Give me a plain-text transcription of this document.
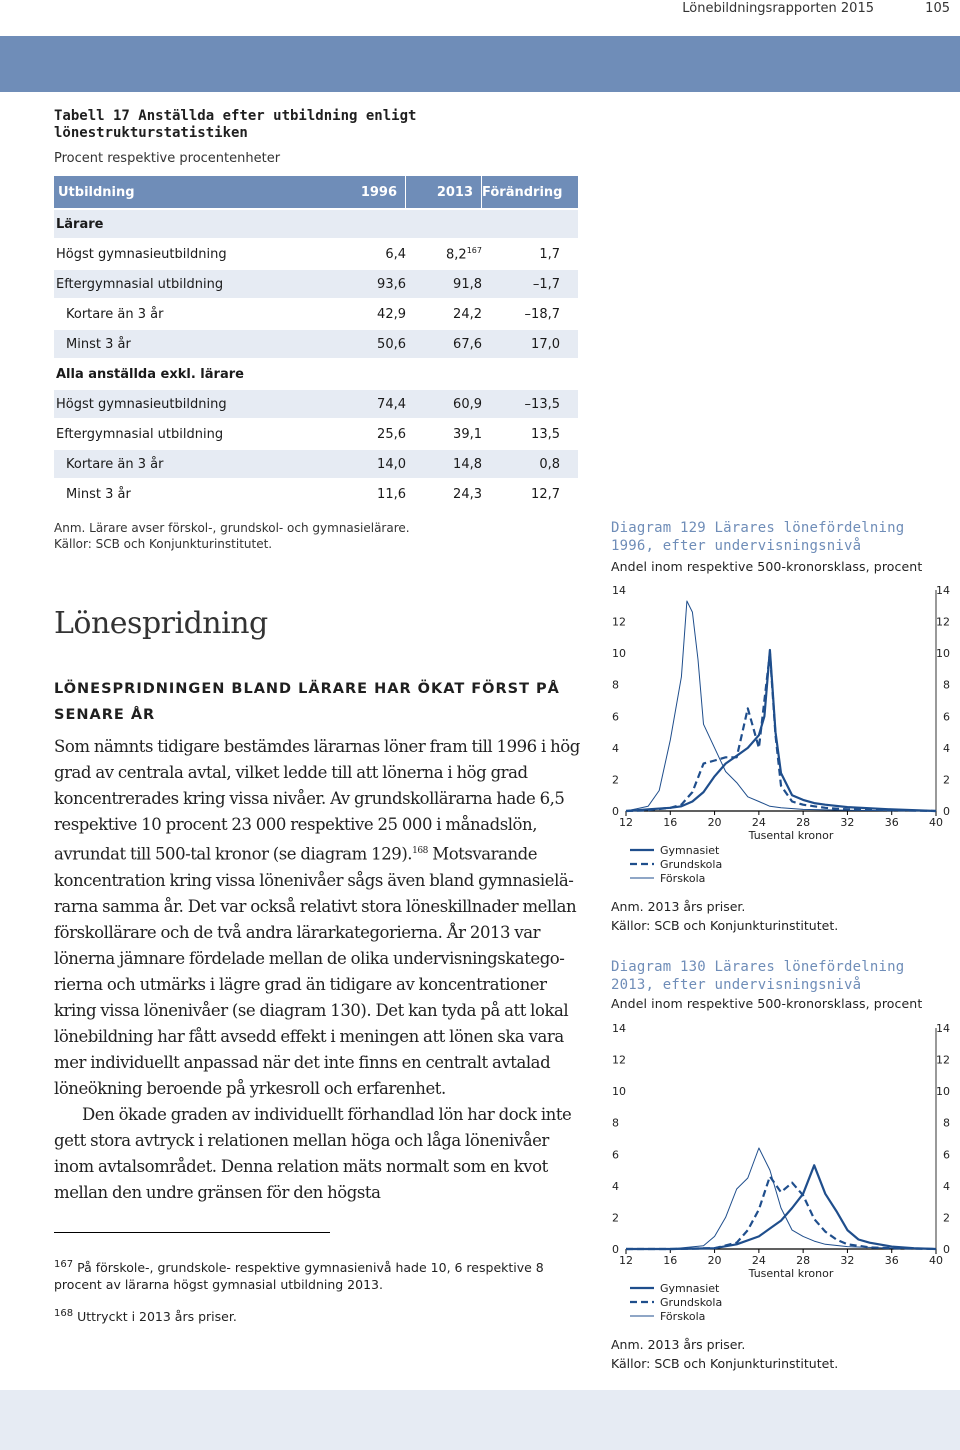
Lönebildningsrapporten 2015	105
Tabell 17 Anställda efter utbildning enligt lönestrukturstatistiken
Procent respektive procentenheter
Utbildning	1996	2013 Förändring
Lärare
Högst gymnasieutbildning	6,4	8,2$^{167}$	1,7
Eftergymnasial utbildning	93,6	91,8	–1,7
Kortare än 3 år	42,9	24,2	–18,7
Minst 3 år	50,6	67,6	17,0
Alla anställda exkl. lärare
Högst gymnasieutbildning	74,4	60,9	–13,5
Eftergymnasial utbildning	25,6	39,1	13,5
Kortare än 3 år	14,0	14,8	0,8
Minst 3 år	11,6	24,3	12,7
Anm. Lärare avser förskol-, grundskol- och gymnasielärare.
Källor: SCB och Konjunkturinstitutet.
Lönespridning
LÖNESPRIDNINGEN BLAND LÄRARE HAR ÖKAT FÖRST PÅ SENARE ÅR

Som nämnts tidigare bestämdes lärarnas löner fram till 1996 i hög grad av centrala avtal, vilket ledde till att lönerna i hög grad koncentrerades kring vissa nivåer. Av grundskollärarna hade 6,5 respektive 10 procent 23 000 respektive 25 000 i månadslön, avrundat till 500-tal kronor (se diagram 129).$^{168}$ Motsvarande koncentration kring vissa lönenivåer sågs även bland gymnasielärarna samma år. Det var också relativt stora löneskillnader mellan förskollärare och de två andra lärarkategorierna. År 2013 var lönerna jämnare fördelade mellan de olika undervisningskategorierna och utmärks i lägre grad än tidigare av koncentrationer kring vissa lönenivåer (se diagram 130). Det kan tyda på att lokal lönebildning har fått avsedd effekt i meningen att lönen ska vara mer individuellt anpassad när det inte finns en centralt avtalad löneökning beroende på yrkesroll och erfarenhet.

Den ökade graden av individuellt förhandlad lön har dock inte gett stora avtryck i relationen mellan höga och låga lönenivåer inom avtalsområdet. Denna relation mäts normalt som en kvot mellan den undre gränsen för den högsta

$^{167}$ På förskole-, grundskole- respektive gymnasienivå hade 10, 6 respektive 8 procent av lärarna högst gymnasial utbildning 2013.
$^{168}$ Uttryckt i 2013 års priser.
Diagram 129 Lärares lönefördelning 1996, efter undervisningsnivå
Andel inom respektive 500-kronorsklass, procent
0	0
2	2
4	4
6	6
8	8
10	10
12	12
14	14
12	16	20	24	28	32	36	40
Tusental kronor
Gymnasiet
Grundskola
Förskola
Anm. 2013 års priser.
Källor: SCB och Konjunkturinstitutet.
Diagram 130 Lärares lönefördelning 2013, efter undervisningsnivå
Andel inom respektive 500-kronorsklass, procent
0	0
2	2
4	4
6	6
8	8
10	10
12	12
14	14
12	16	20	24	28	32	36	40
Tusental kronor
Gymnasiet
Grundskola
Förskola
Anm. 2013 års priser.
Källor: SCB och Konjunkturinstitutet.
